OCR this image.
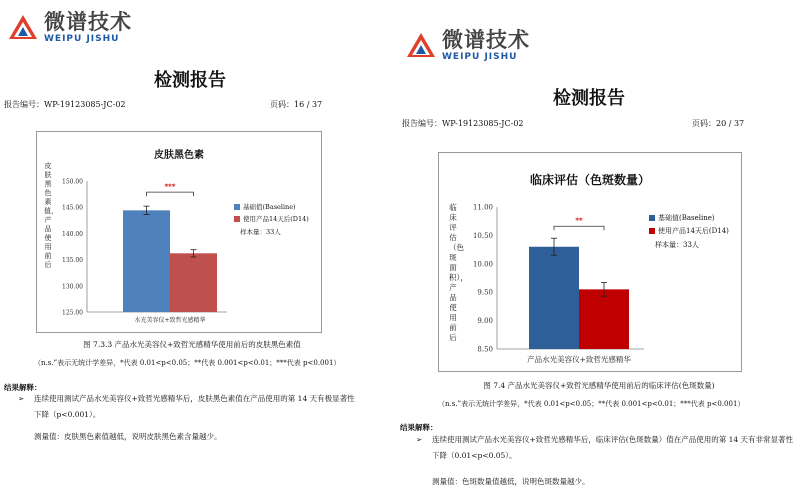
微谱技术
WEIPU JISHU
检测报告
报告编号：WP-19123085-JC-02	页码：16 / 37
皮肤黑色素
皮肤黑色素值，产品使用前后
125.00
130.00
135.00
140.00
145.00
150.00
***
水光美容仪+致哲光感精华
基础值(Baseline)
使用产品14天后(D14)
样本量：33人
图 7.3.3 产品水光美容仪+致哲光感精华使用前后的皮肤黑色素值
（n.s.”表示无统计学差异，*代表 0.01<p<0.05；**代表 0.001<p<0.01；***代表 p<0.001）
结果解释：
➢	连续使用测试产品水光美容仪+致哲光感精华后，皮肤黑色素值在产品使用的第 14 天有极显著性下降（p<0.001）。
测量值：皮肤黑色素值越低，说明皮肤黑色素含量越少。
微谱技术
WEIPU JISHU
检测报告
报告编号：WP-19123085-JC-02	页码：20 / 37
临床评估（色斑数量）
临床评估（色斑面积），产品使用前后
8.50
9.00
9.50
10.00
10.50
11.00
**
产品水光美容仪+致哲光感精华
基础值(Baseline)
使用产品14天后(D14)
样本量：33人
图 7.4 产品水光美容仪+致哲光感精华使用前后的临床评估(色斑数量)
（n.s.”表示无统计学差异，*代表 0.01<p<0.05；**代表 0.001<p<0.01；***代表 p<0.001）
结果解释：
➢	连续使用测试产品水光美容仪+致哲光感精华后，临床评估(色斑数量）值在产品使用的第 14 天有非常显著性下降（0.01<p<0.05）。
测量值：色斑数量值越低，说明色斑数量越少。
